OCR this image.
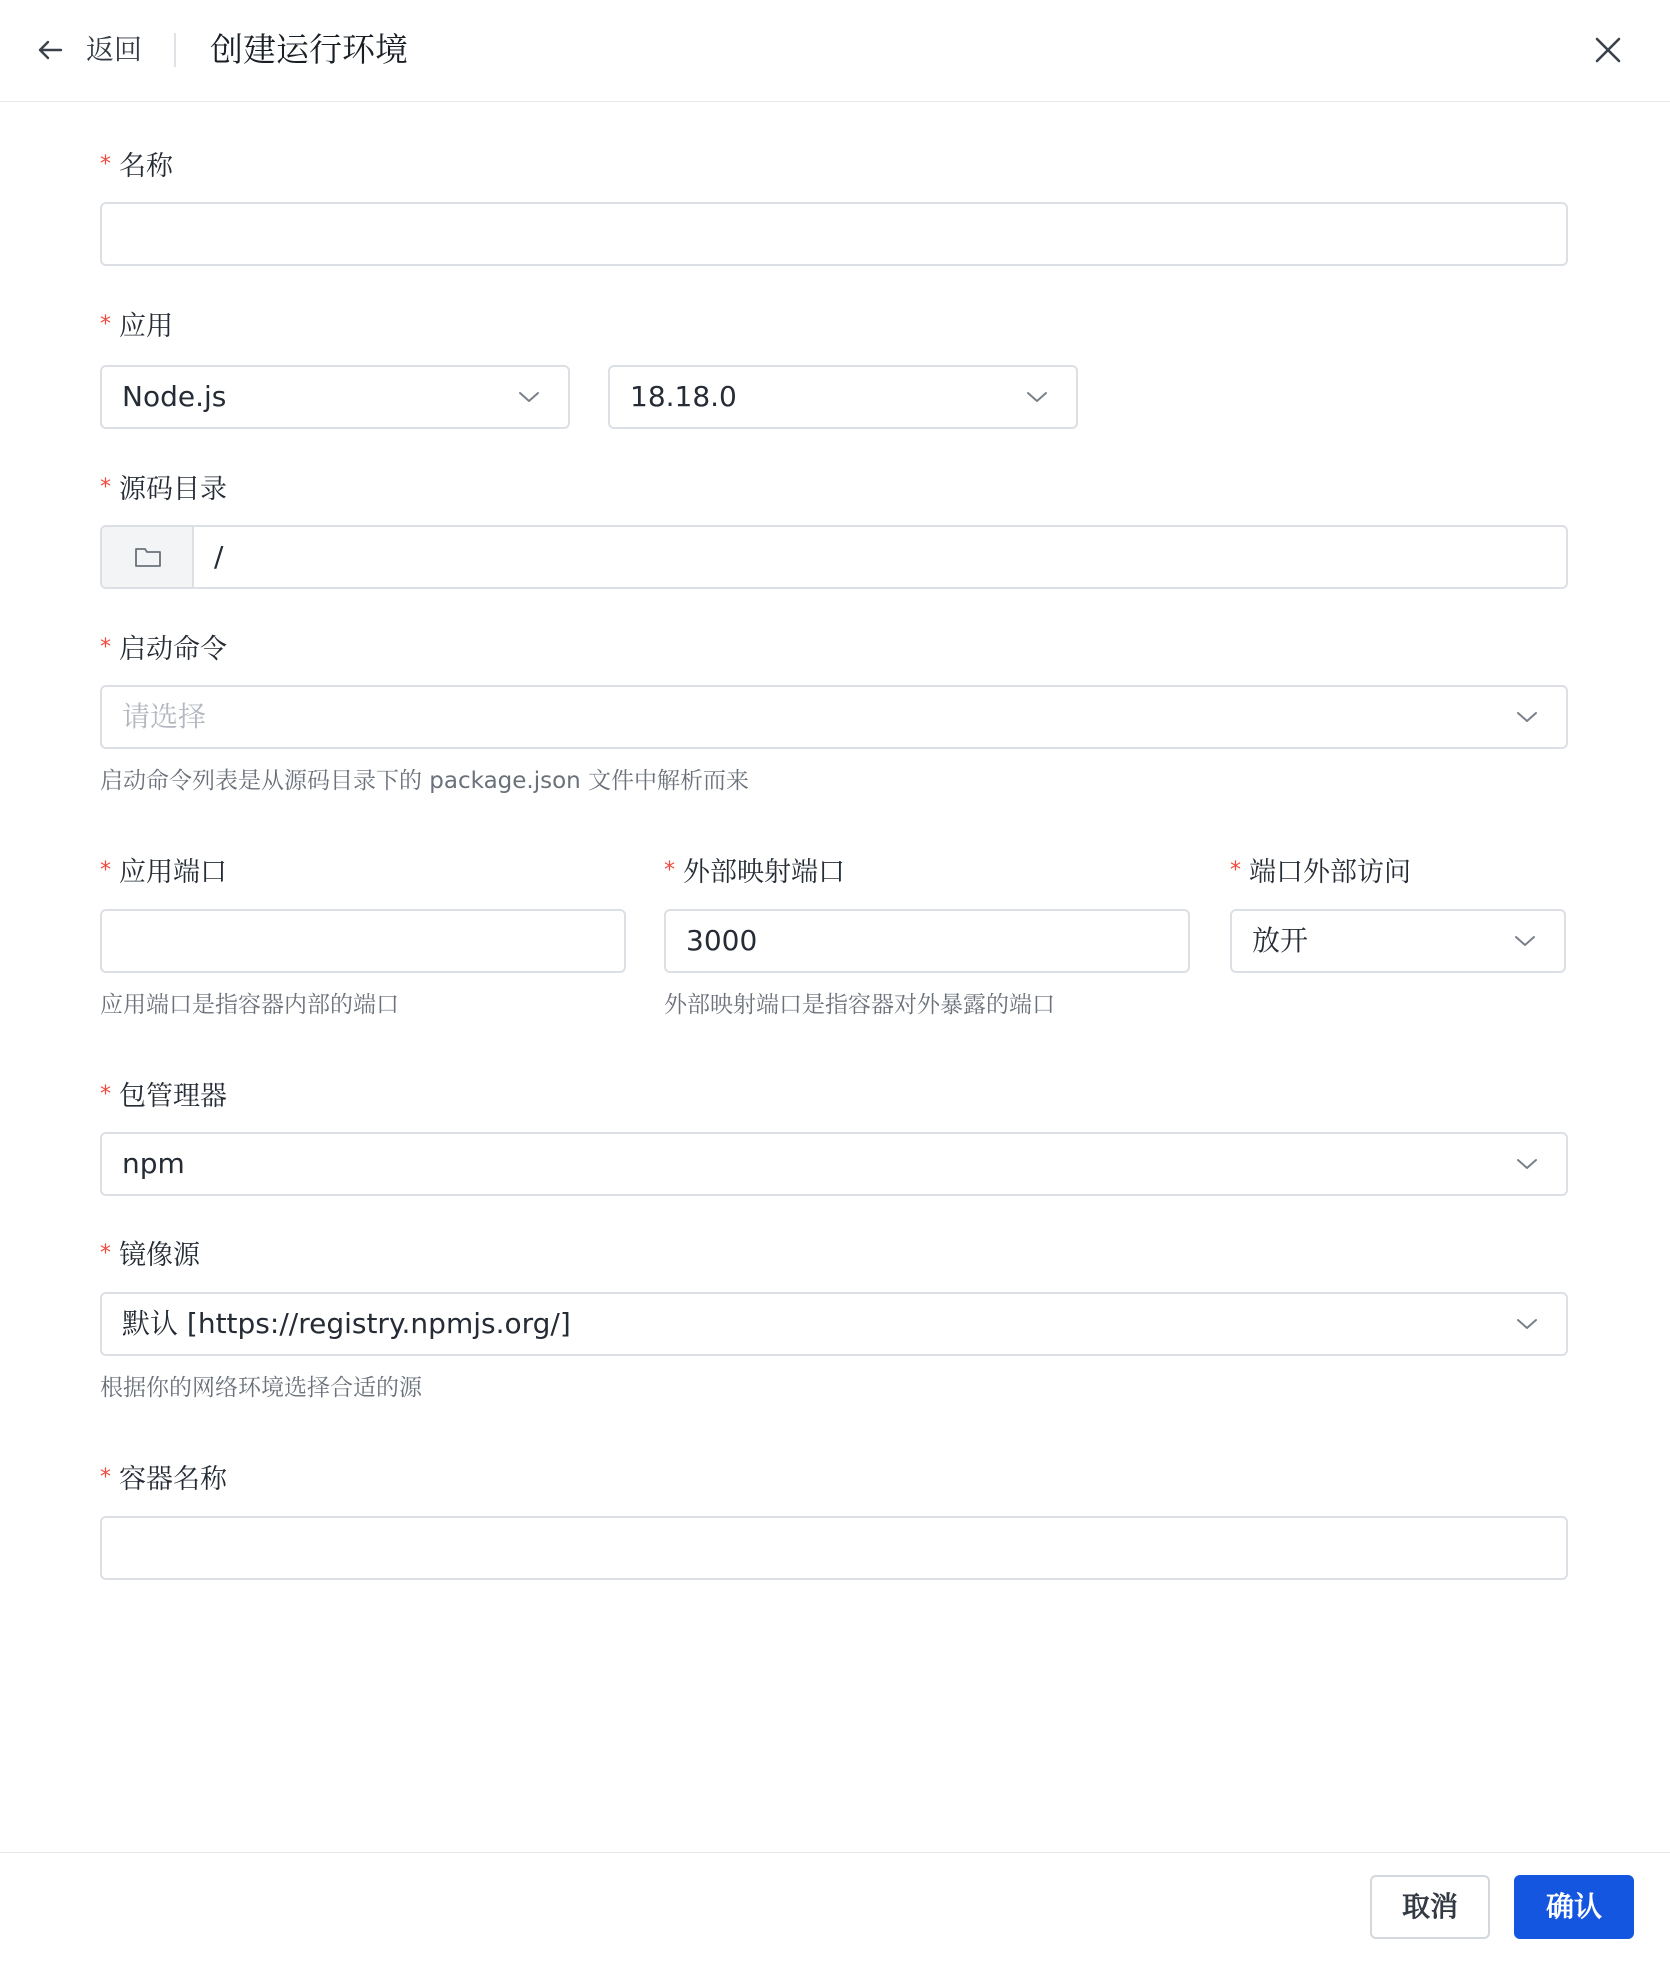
返回 创建运行环境
* 名称
* 应用
Node.js	18.18.0
* 源码目录
/
* 启动命令
请选择
启动命令列表是从源码目录下的 package.json 文件中解析而来
* 应用端口
应用端口是指容器内部的端口
* 外部映射端口
3000
外部映射端口是指容器对外暴露的端口
* 端口外部访问
放开
* 包管理器
npm
* 镜像源
默认 [https://registry.npmjs.org/]
根据你的网络环境选择合适的源
* 容器名称
取消	确认
